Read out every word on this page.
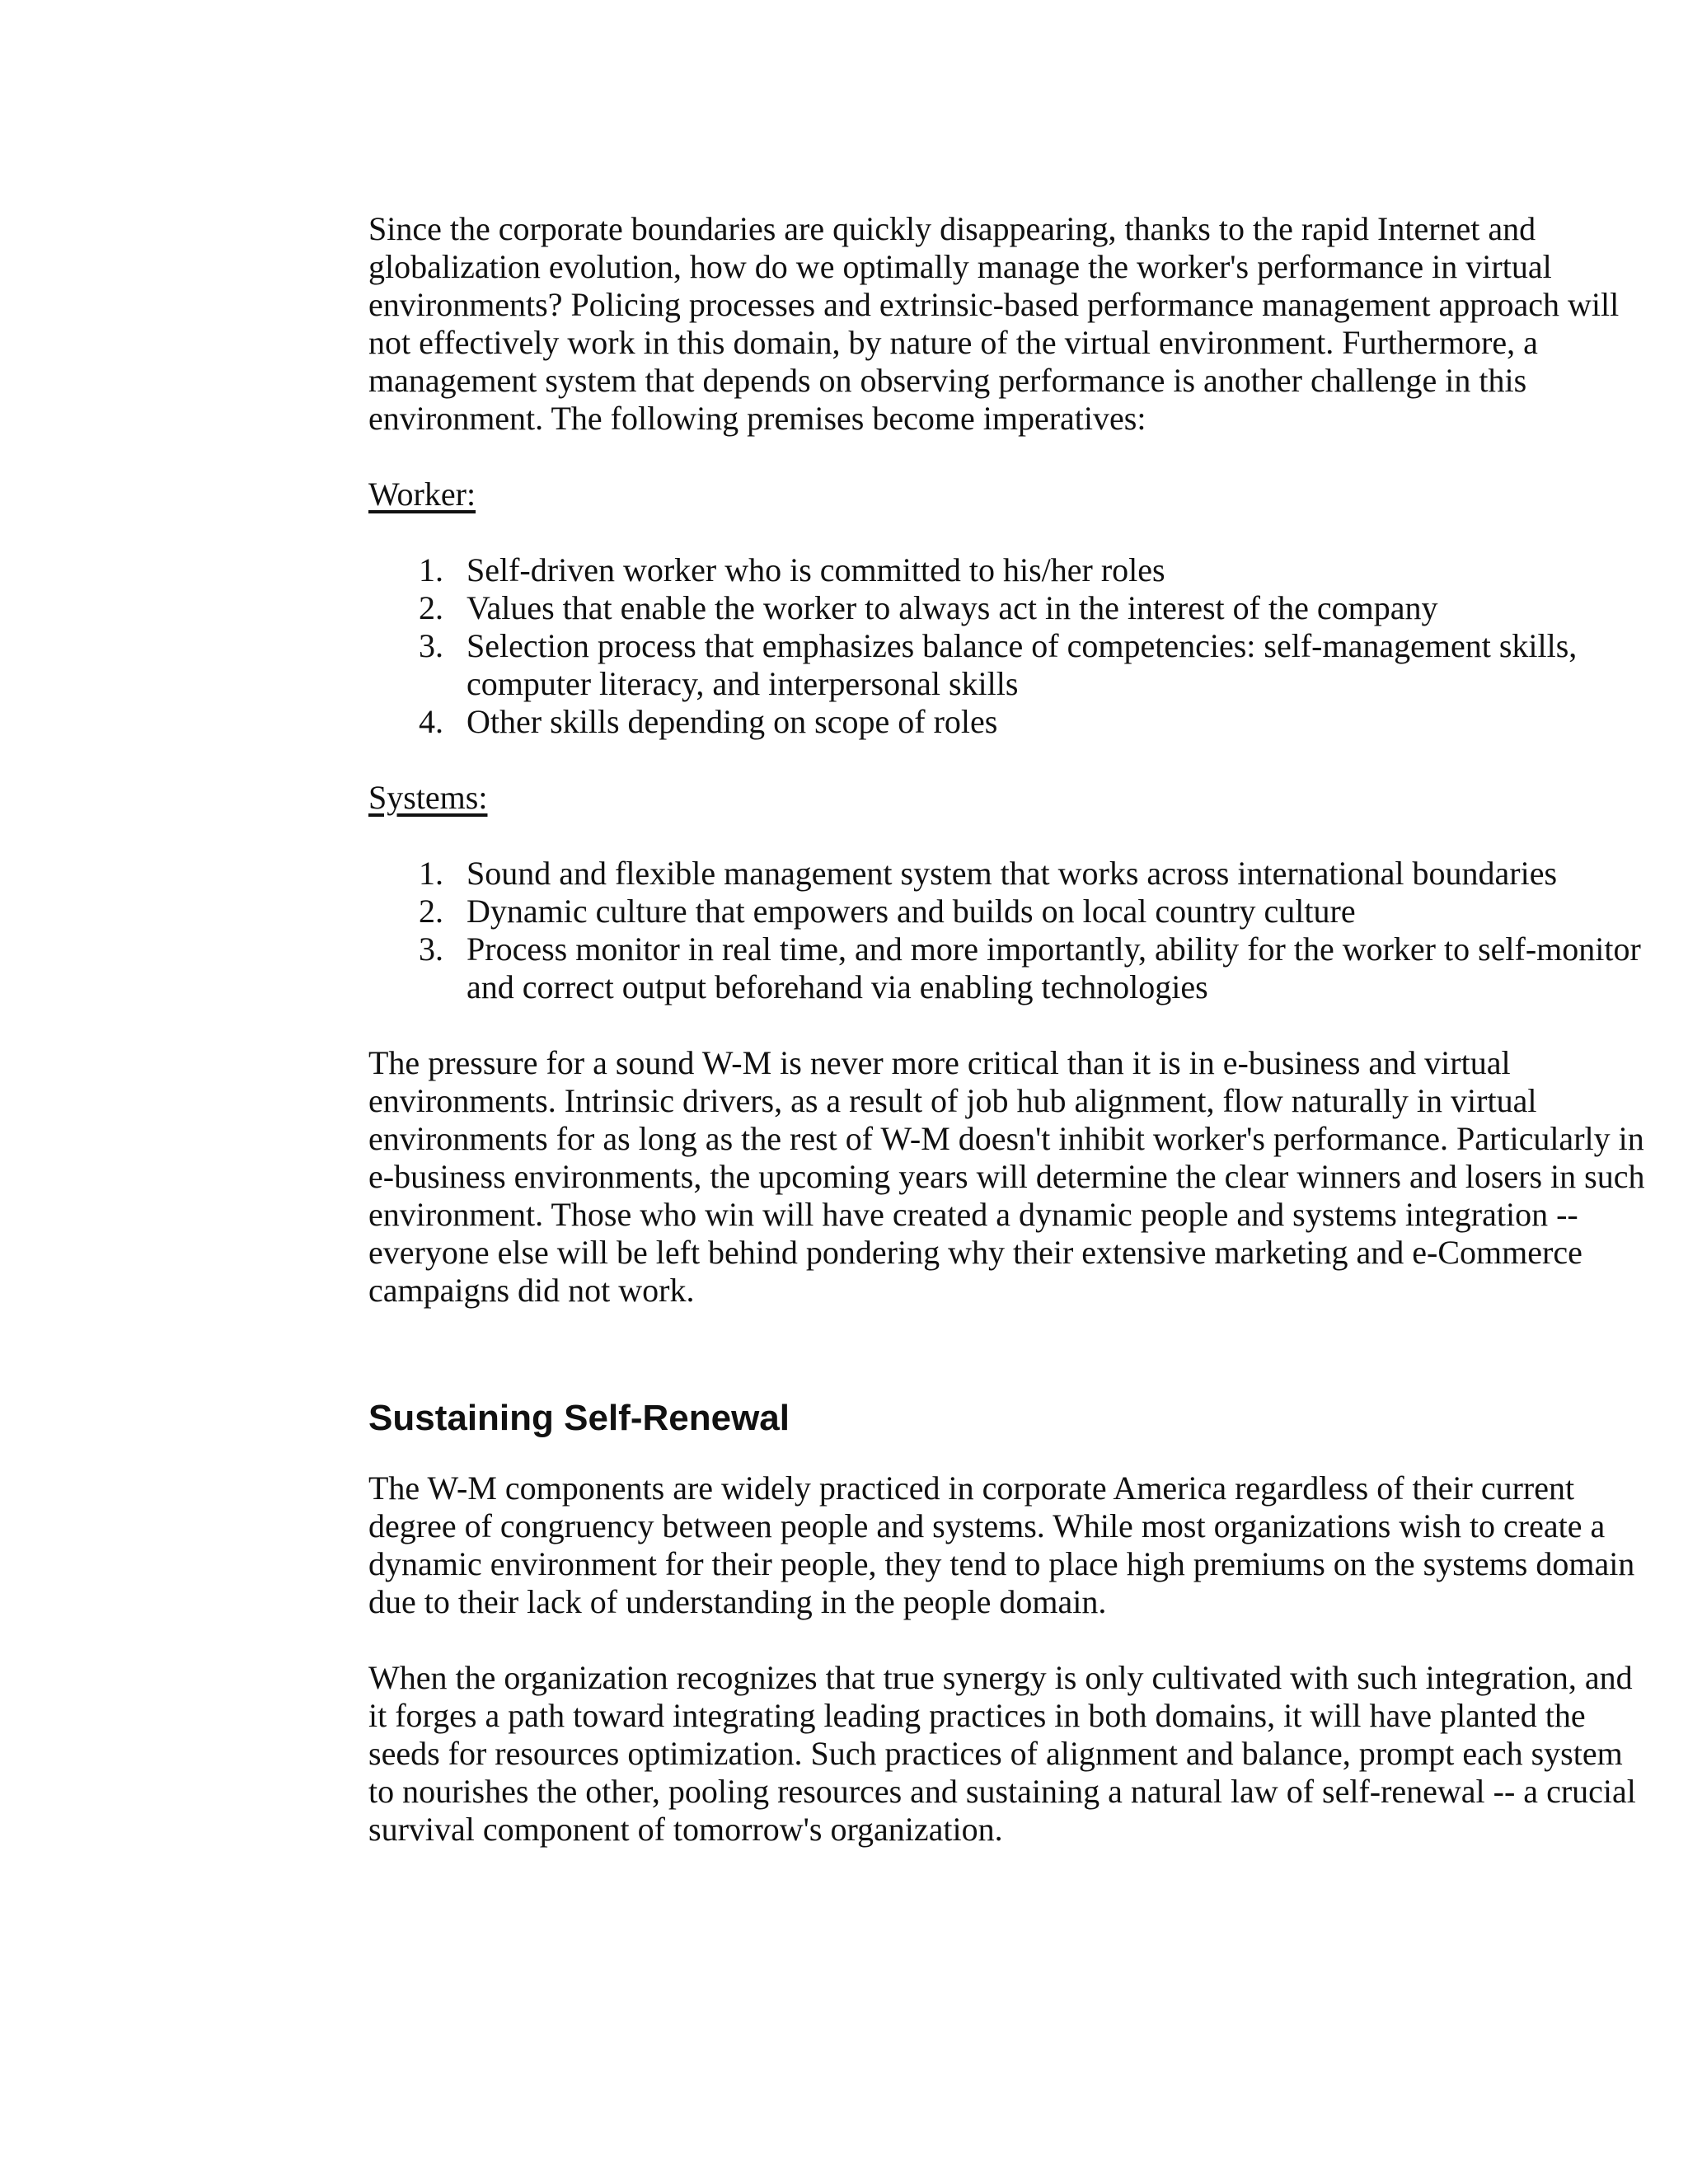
Since the corporate boundaries are quickly disappearing, thanks to the rapid Internet and
globalization evolution, how do we optimally manage the worker's performance in virtual
environments? Policing processes and extrinsic-based performance management approach will
not effectively work in this domain, by nature of the virtual environment. Furthermore, a
management system that depends on observing performance is another challenge in this
environment. The following premises become imperatives:

Worker:

1. Self-driven worker who is committed to his/her roles
2. Values that enable the worker to always act in the interest of the company
3. Selection process that emphasizes balance of competencies: self-management skills,
computer literacy, and interpersonal skills
4. Other skills depending on scope of roles

Systems:

1. Sound and flexible management system that works across international boundaries
2. Dynamic culture that empowers and builds on local country culture
3. Process monitor in real time, and more importantly, ability for the worker to self-monitor
and correct output beforehand via enabling technologies

The pressure for a sound W-M is never more critical than it is in e-business and virtual
environments. Intrinsic drivers, as a result of job hub alignment, flow naturally in virtual
environments for as long as the rest of W-M doesn't inhibit worker's performance. Particularly in
e-business environments, the upcoming years will determine the clear winners and losers in such
environment. Those who win will have created a dynamic people and systems integration --
everyone else will be left behind pondering why their extensive marketing and e-Commerce
campaigns did not work.

Sustaining Self-Renewal

The W-M components are widely practiced in corporate America regardless of their current
degree of congruency between people and systems. While most organizations wish to create a
dynamic environment for their people, they tend to place high premiums on the systems domain
due to their lack of understanding in the people domain.

When the organization recognizes that true synergy is only cultivated with such integration, and
it forges a path toward integrating leading practices in both domains, it will have planted the
seeds for resources optimization. Such practices of alignment and balance, prompt each system
to nourishes the other, pooling resources and sustaining a natural law of self-renewal -- a crucial
survival component of tomorrow's organization.
